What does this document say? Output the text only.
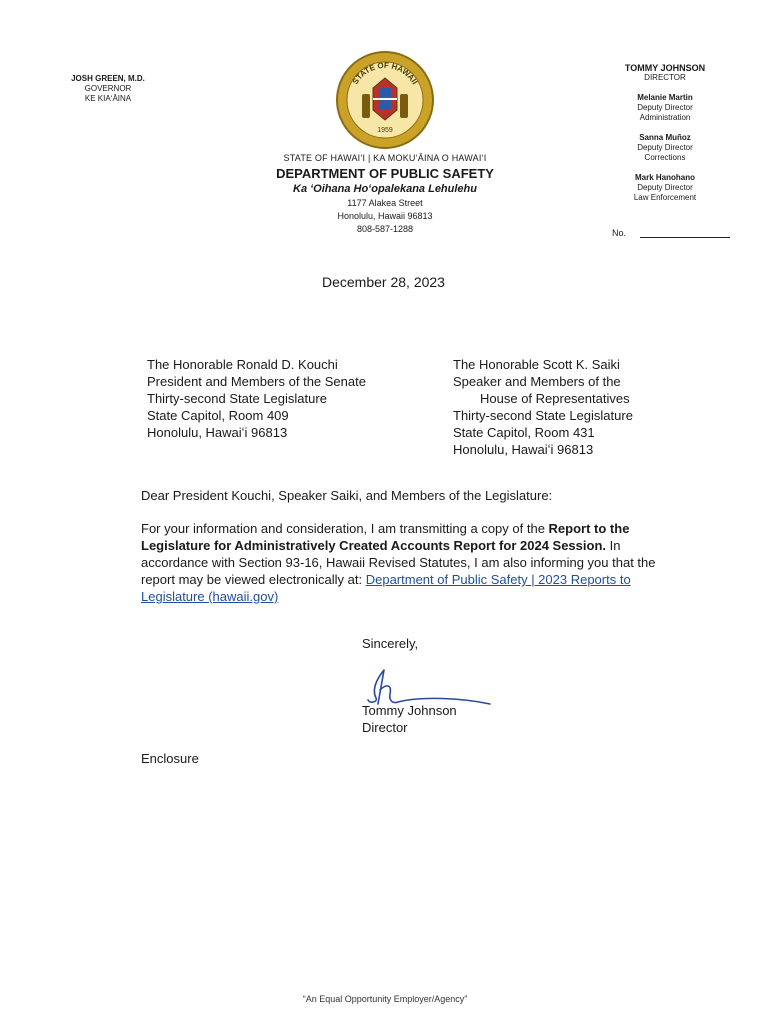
JOSH GREEN, M.D.
GOVERNOR
KE KIAʻĀINA
STATE OF HAWAII
1959
STATE OF HAWAIʻI | KA MOKUʻĀINA O HAWAIʻI
DEPARTMENT OF PUBLIC SAFETY
Ka ʻOihana Hoʻopalekana Lehulehu
1177 Alakea Street
Honolulu, Hawaii 96813
808-587-1288
TOMMY JOHNSON
DIRECTOR
Melanie Martin
Deputy Director
Administration
Sanna Muñoz
Deputy Director
Corrections
Mark Hanohano
Deputy Director
Law Enforcement
No.
December 28, 2023
The Honorable Ronald D. Kouchi
President and Members of the Senate
Thirty-second State Legislature
State Capitol, Room 409
Honolulu, Hawaiʻi 96813
The Honorable Scott K. Saiki
Speaker and Members of the
House of Representatives
Thirty-second State Legislature
State Capitol, Room 431
Honolulu, Hawaiʻi 96813
Dear President Kouchi, Speaker Saiki, and Members of the Legislature:
For your information and consideration, I am transmitting a copy of the Report to the Legislature for Administratively Created Accounts Report for 2024 Session. In accordance with Section 93-16, Hawaii Revised Statutes, I am also informing you that the report may be viewed electronically at: Department of Public Safety | 2023 Reports to Legislature (hawaii.gov)
Sincerely,
Tommy Johnson
Director
Enclosure
“An Equal Opportunity Employer/Agency”
